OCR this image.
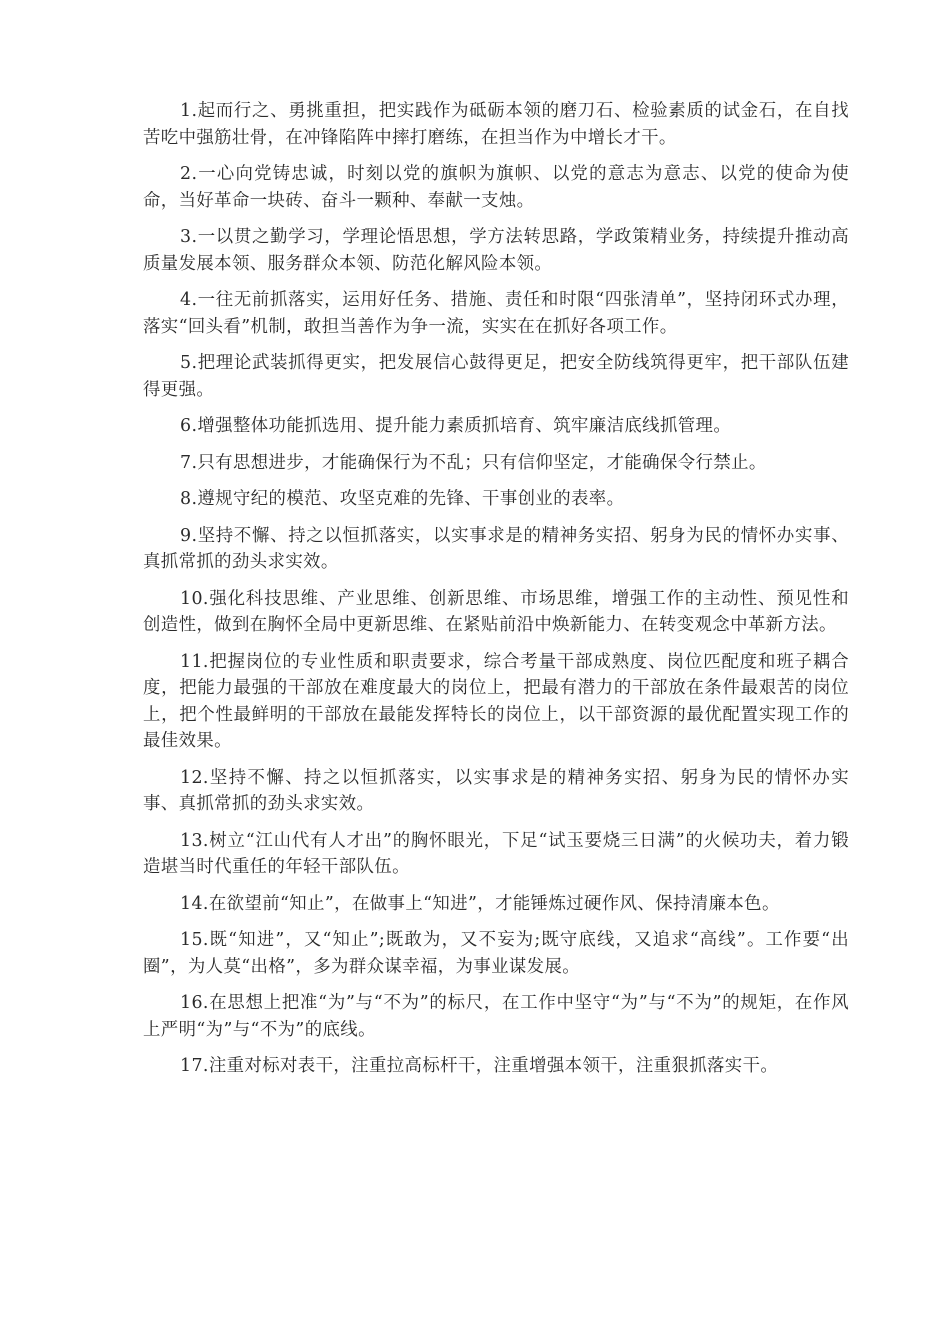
1.起而行之、勇挑重担，把实践作为砥砺本领的磨刀石、检验素质的试金石，在自找苦吃中强筋壮骨，在冲锋陷阵中摔打磨练，在担当作为中增长才干。

2.一心向党铸忠诚，时刻以党的旗帜为旗帜、以党的意志为意志、以党的使命为使命，当好革命一块砖、奋斗一颗种、奉献一支烛。

3.一以贯之勤学习，学理论悟思想，学方法转思路，学政策精业务，持续提升推动高质量发展本领、服务群众本领、防范化解风险本领。

4.一往无前抓落实，运用好任务、措施、责任和时限“四张清单”，坚持闭环式办理，落实“回头看”机制，敢担当善作为争一流，实实在在抓好各项工作。

5.把理论武装抓得更实，把发展信心鼓得更足，把安全防线筑得更牢，把干部队伍建得更强。

6.增强整体功能抓选用、提升能力素质抓培育、筑牢廉洁底线抓管理。

7.只有思想进步，才能确保行为不乱；只有信仰坚定，才能确保令行禁止。

8.遵规守纪的模范、攻坚克难的先锋、干事创业的表率。

9.坚持不懈、持之以恒抓落实，以实事求是的精神务实招、躬身为民的情怀办实事、真抓常抓的劲头求实效。

10.强化科技思维、产业思维、创新思维、市场思维，增强工作的主动性、预见性和创造性，做到在胸怀全局中更新思维、在紧贴前沿中焕新能力、在转变观念中革新方法。

11.把握岗位的专业性质和职责要求，综合考量干部成熟度、岗位匹配度和班子耦合度，把能力最强的干部放在难度最大的岗位上，把最有潜力的干部放在条件最艰苦的岗位上，把个性最鲜明的干部放在最能发挥特长的岗位上，以干部资源的最优配置实现工作的最佳效果。

12.坚持不懈、持之以恒抓落实，以实事求是的精神务实招、躬身为民的情怀办实事、真抓常抓的劲头求实效。

13.树立“江山代有人才出”的胸怀眼光，下足“试玉要烧三日满”的火候功夫，着力锻造堪当时代重任的年轻干部队伍。

14.在欲望前“知止”，在做事上“知进”，才能锤炼过硬作风、保持清廉本色。

15.既“知进”，又“知止”;既敢为，又不妄为;既守底线，又追求“高线”。工作要“出圈”，为人莫“出格”，多为群众谋幸福，为事业谋发展。

16.在思想上把准“为”与“不为”的标尺，在工作中坚守“为”与“不为”的规矩，在作风上严明“为”与“不为”的底线。

17.注重对标对表干，注重拉高标杆干，注重增强本领干，注重狠抓落实干。
